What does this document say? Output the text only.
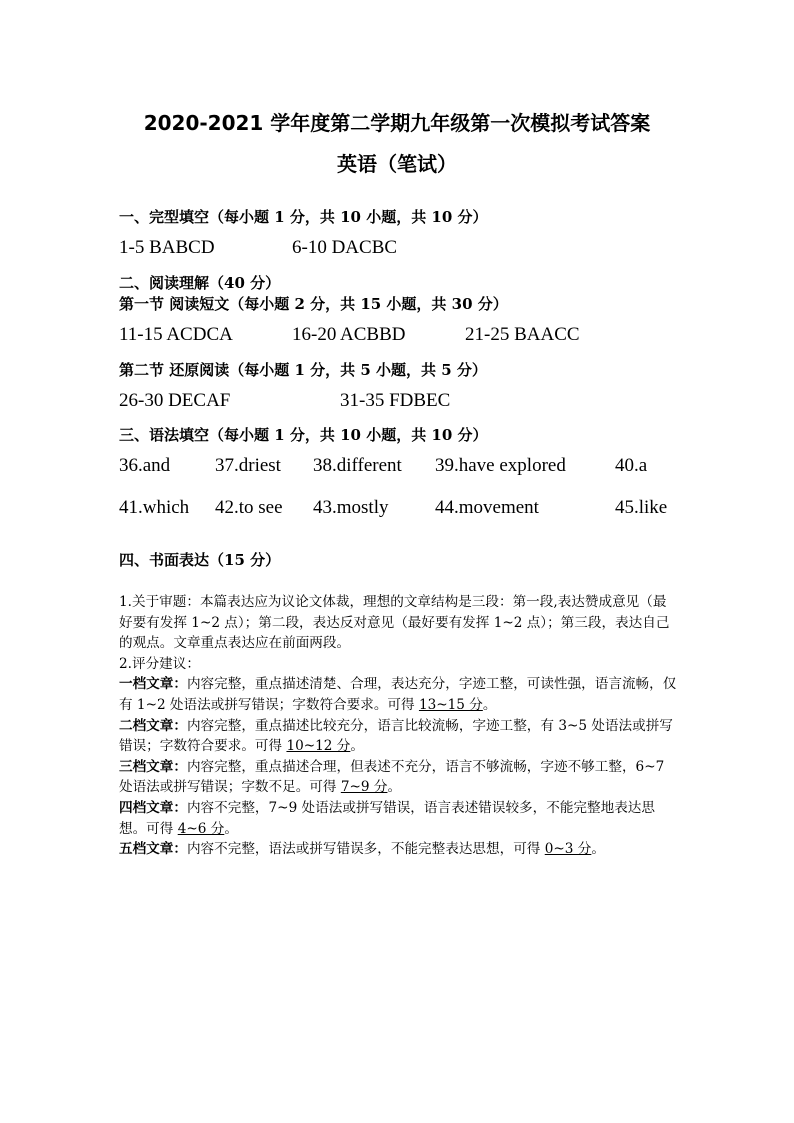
2020-2021 学年度第二学期九年级第一次模拟考试答案
英语（笔试）
一、完型填空（每小题 1 分，共 10 小题，共 10 分）
1-5 BABCD	6-10 DACBC
二、阅读理解（40 分）
第一节 阅读短文（每小题 2 分，共 15 小题，共 30 分）
11-15 ACDCA	16-20 ACBBD	21-25 BAACC
第二节 还原阅读（每小题 1 分，共 5 小题，共 5 分）
26-30 DECAF	31-35 FDBEC
三、语法填空（每小题 1 分，共 10 小题，共 10 分）
36.and 37.driest 38.different 39.have explored	40.a
41.which 42.to see 43.mostly 44.movement	45.like
四、书面表达（15 分）
1.关于审题：本篇表达应为议论文体裁，理想的文章结构是三段：第一段,表达赞成意见（最好要有发挥 1~2 点）；第二段，表达反对意见（最好要有发挥 1~2 点）；第三段，表达自己的观点。文章重点表达应在前面两段。
2.评分建议：
一档文章：内容完整，重点描述清楚、合理，表达充分，字迹工整，可读性强，语言流畅，仅有 1~2 处语法或拼写错误；字数符合要求。可得 13~15 分。
二档文章：内容完整，重点描述比较充分，语言比较流畅，字迹工整，有 3~5 处语法或拼写错误；字数符合要求。可得 10~12 分。
三档文章：内容完整，重点描述合理，但表述不充分，语言不够流畅，字迹不够工整，6~7 处语法或拼写错误；字数不足。可得 7~9 分。
四档文章：内容不完整，7~9 处语法或拼写错误，语言表述错误较多，不能完整地表达思想。可得 4~6 分。
五档文章：内容不完整，语法或拼写错误多，不能完整表达思想，可得 0~3 分。
